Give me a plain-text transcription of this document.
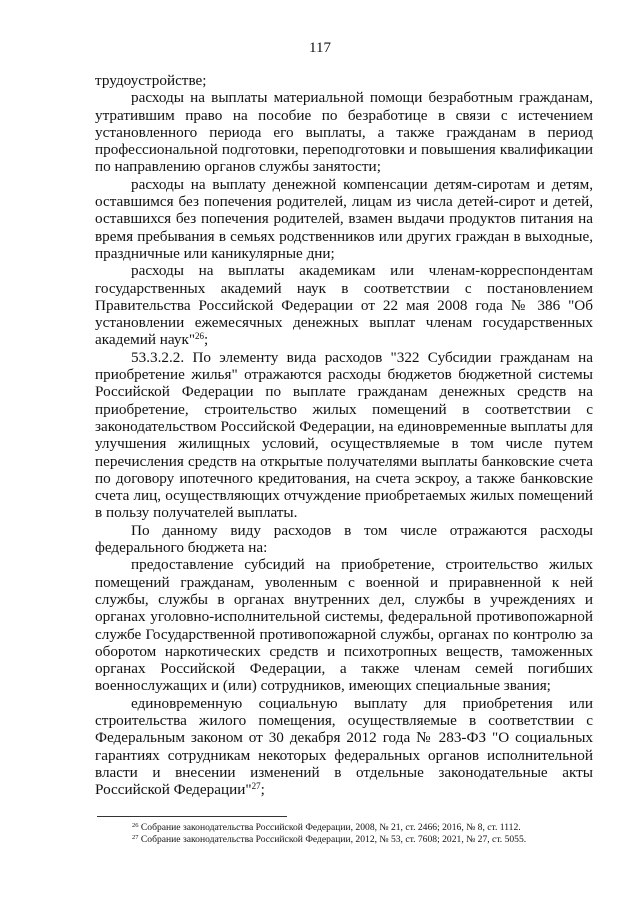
117

трудоустройстве;

расходы на выплаты материальной помощи безработным гражданам, утратившим право на пособие по безработице в связи с истечением установленного периода его выплаты, а также гражданам в период профессиональной подготовки, переподготовки и повышения квалификации по направлению органов службы занятости;

расходы на выплату денежной компенсации детям-сиротам и детям, оставшимся без попечения родителей, лицам из числа детей-сирот и детей, оставшихся без попечения родителей, взамен выдачи продуктов питания на время пребывания в семьях родственников или других граждан в выходные, праздничные или каникулярные дни;

расходы на выплаты академикам или членам-корреспондентам государственных академий наук в соответствии с постановлением Правительства Российской Федерации от 22 мая 2008 года № 386 "Об установлении ежемесячных денежных выплат членам государственных академий наук"$^{26}$;

53.3.2.2. По элементу вида расходов "322 Субсидии гражданам на приобретение жилья" отражаются расходы бюджетов бюджетной системы Российской Федерации по выплате гражданам денежных средств на приобретение, строительство жилых помещений в соответствии с законодательством Российской Федерации, на единовременные выплаты для улучшения жилищных условий, осуществляемые в том числе путем перечисления средств на открытые получателями выплаты банковские счета по договору ипотечного кредитования, на счета эскроу, а также банковские счета лиц, осуществляющих отчуждение приобретаемых жилых помещений в пользу получателей выплаты.

По данному виду расходов в том числе отражаются расходы федерального бюджета на:

предоставление субсидий на приобретение, строительство жилых помещений гражданам, уволенным с военной и приравненной к ней службы, службы в органах внутренних дел, службы в учреждениях и органах уголовно-исполнительной системы, федеральной противопожарной службе Государственной противопожарной службы, органах по контролю за оборотом наркотических средств и психотропных веществ, таможенных органах Российской Федерации, а также членам семей погибших военнослужащих и (или) сотрудников, имеющих специальные звания;

единовременную социальную выплату для приобретения или строительства жилого помещения, осуществляемые в соответствии с Федеральным законом от 30 декабря 2012 года № 283-ФЗ "О социальных гарантиях сотрудникам некоторых федеральных органов исполнительной власти и внесении изменений в отдельные законодательные акты Российской Федерации"$^{27}$;

$^{26}$ Собрание законодательства Российской Федерации, 2008, № 21, ст. 2466; 2016, № 8, ст. 1112.

$^{27}$ Собрание законодательства Российской Федерации, 2012, № 53, ст. 7608; 2021, № 27, ст. 5055.
